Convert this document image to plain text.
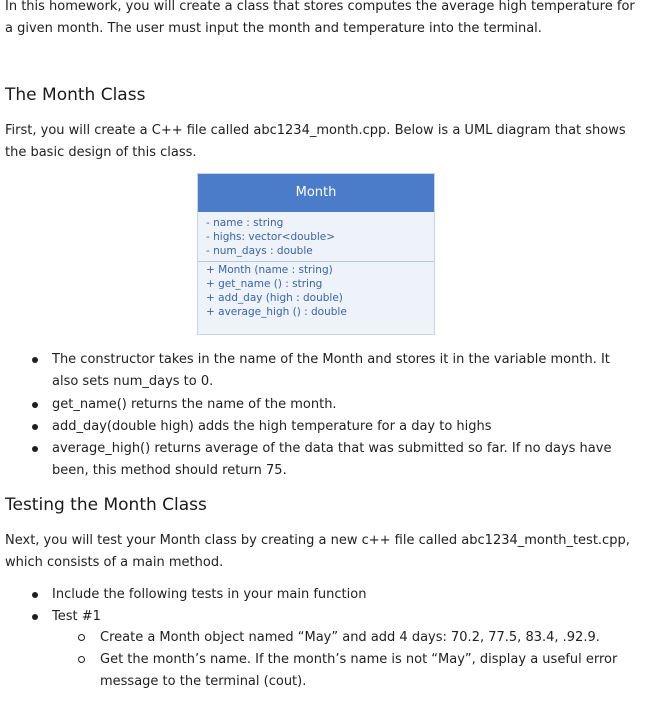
In this homework, you will create a class that stores computes the average high temperature for a given month. The user must input the month and temperature into the terminal.

The Month Class

First, you will create a C++ file called abc1234_month.cpp. Below is a UML diagram that shows the basic design of this class.

Month
- name : string
- highs: vector<double>
- num_days : double
+ Month (name : string)
+ get_name () : string
+ add_day (high : double)
+ average_high () : double

The constructor takes in the name of the Month and stores it in the variable month. It also sets num_days to 0.

get_name() returns the name of the month.

add_day(double high) adds the high temperature for a day to highs

average_high() returns average of the data that was submitted so far. If no days have been, this method should return 75.

Testing the Month Class

Next, you will test your Month class by creating a new c++ file called abc1234_month_test.cpp, which consists of a main method.

Include the following tests in your main function

Test #1

Create a Month object named “May” and add 4 days: 70.2, 77.5, 83.4, .92.9.

Get the month’s name. If the month’s name is not “May”, display a useful error message to the terminal (cout).
